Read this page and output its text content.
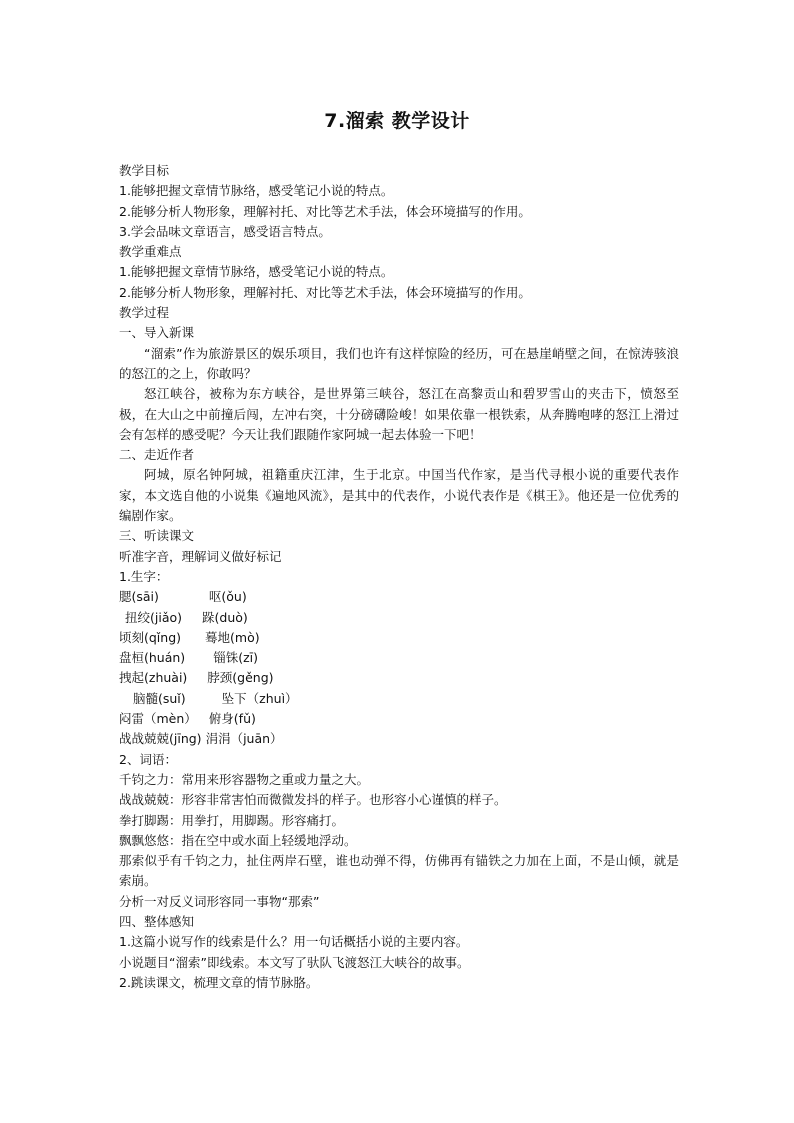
7.溜索 教学设计

教学目标

1.能够把握文章情节脉络，感受笔记小说的特点。

2.能够分析人物形象，理解衬托、对比等艺术手法，体会环境描写的作用。

3.学会品味文章语言，感受语言特点。

教学重难点

1.能够把握文章情节脉络，感受笔记小说的特点。

2.能够分析人物形象，理解衬托、对比等艺术手法，体会环境描写的作用。

教学过程

一、导入新课

“溜索”作为旅游景区的娱乐项目，我们也许有这样惊险的经历，可在悬崖峭壁之间，在惊涛骇浪的怒江的之上，你敢吗？

怒江峡谷，被称为东方峡谷，是世界第三峡谷，怒江在高黎贡山和碧罗雪山的夹击下，愤怒至极，在大山之中前撞后闯，左冲右突，十分磅礴险峻！如果依靠一根铁索，从奔腾咆哮的怒江上滑过会有怎样的感受呢？今天让我们跟随作家阿城一起去体验一下吧！

二、走近作者

阿城，原名钟阿城，祖籍重庆江津，生于北京。中国当代作家，是当代寻根小说的重要代表作家，本文选自他的小说集《遍地风流》，是其中的代表作，小说代表作是《棋王》。他还是一位优秀的编剧作家。

三、听读课文

听准字音，理解词义做好标记

1.生字：

腮(sāi)	呕(ǒu)

扭绞(jiǎo) 跺(duò)

顷刻(qǐng) 蓦地(mò)

盘桓(huán) 锱铢(zī)

拽起(zhuài) 脖颈(gěng)

脑髓(suǐ)	坠下（zhuì）

闷雷（mèn） 俯身(fǔ)

战战兢兢(jīng) 涓涓（juān）

2、词语：

千钧之力：常用来形容器物之重或力量之大。

战战兢兢：形容非常害怕而微微发抖的样子。也形容小心谨慎的样子。

拳打脚踢：用拳打，用脚踢。形容痛打。

飘飘悠悠：指在空中或水面上轻缓地浮动。

那索似乎有千钧之力，扯住两岸石壁，谁也动弹不得，仿佛再有锚铁之力加在上面，不是山倾，就是索崩。

分析一对反义词形容同一事物“那索”

四、整体感知

1.这篇小说写作的线索是什么？用一句话概括小说的主要内容。

小说题目“溜索”即线索。本文写了驮队飞渡怒江大峡谷的故事。

2.跳读课文，梳理文章的情节脉胳。
